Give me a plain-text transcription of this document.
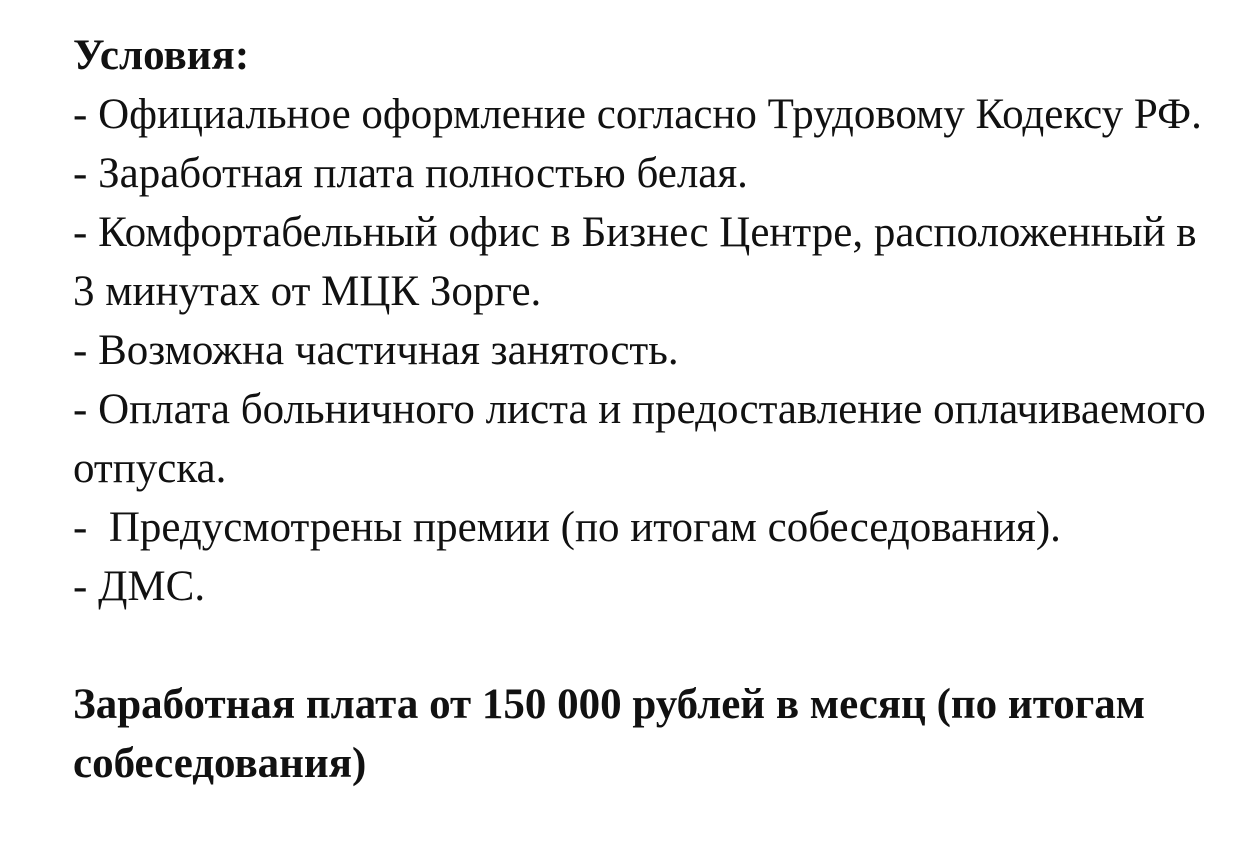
Условия:

- Официальное оформление согласно Трудовому Кодексу РФ.

- Заработная плата полностью белая.

- Комфортабельный офис в Бизнес Центре, расположенный в 3 минутах от МЦК Зорге.

- Возможна частичная занятость.

- Оплата больничного листа и предоставление оплачиваемого отпуска.

-  Предусмотрены премии (по итогам собеседования).

- ДМС.

Заработная плата от 150 000 рублей в месяц (по итогам собеседования)
